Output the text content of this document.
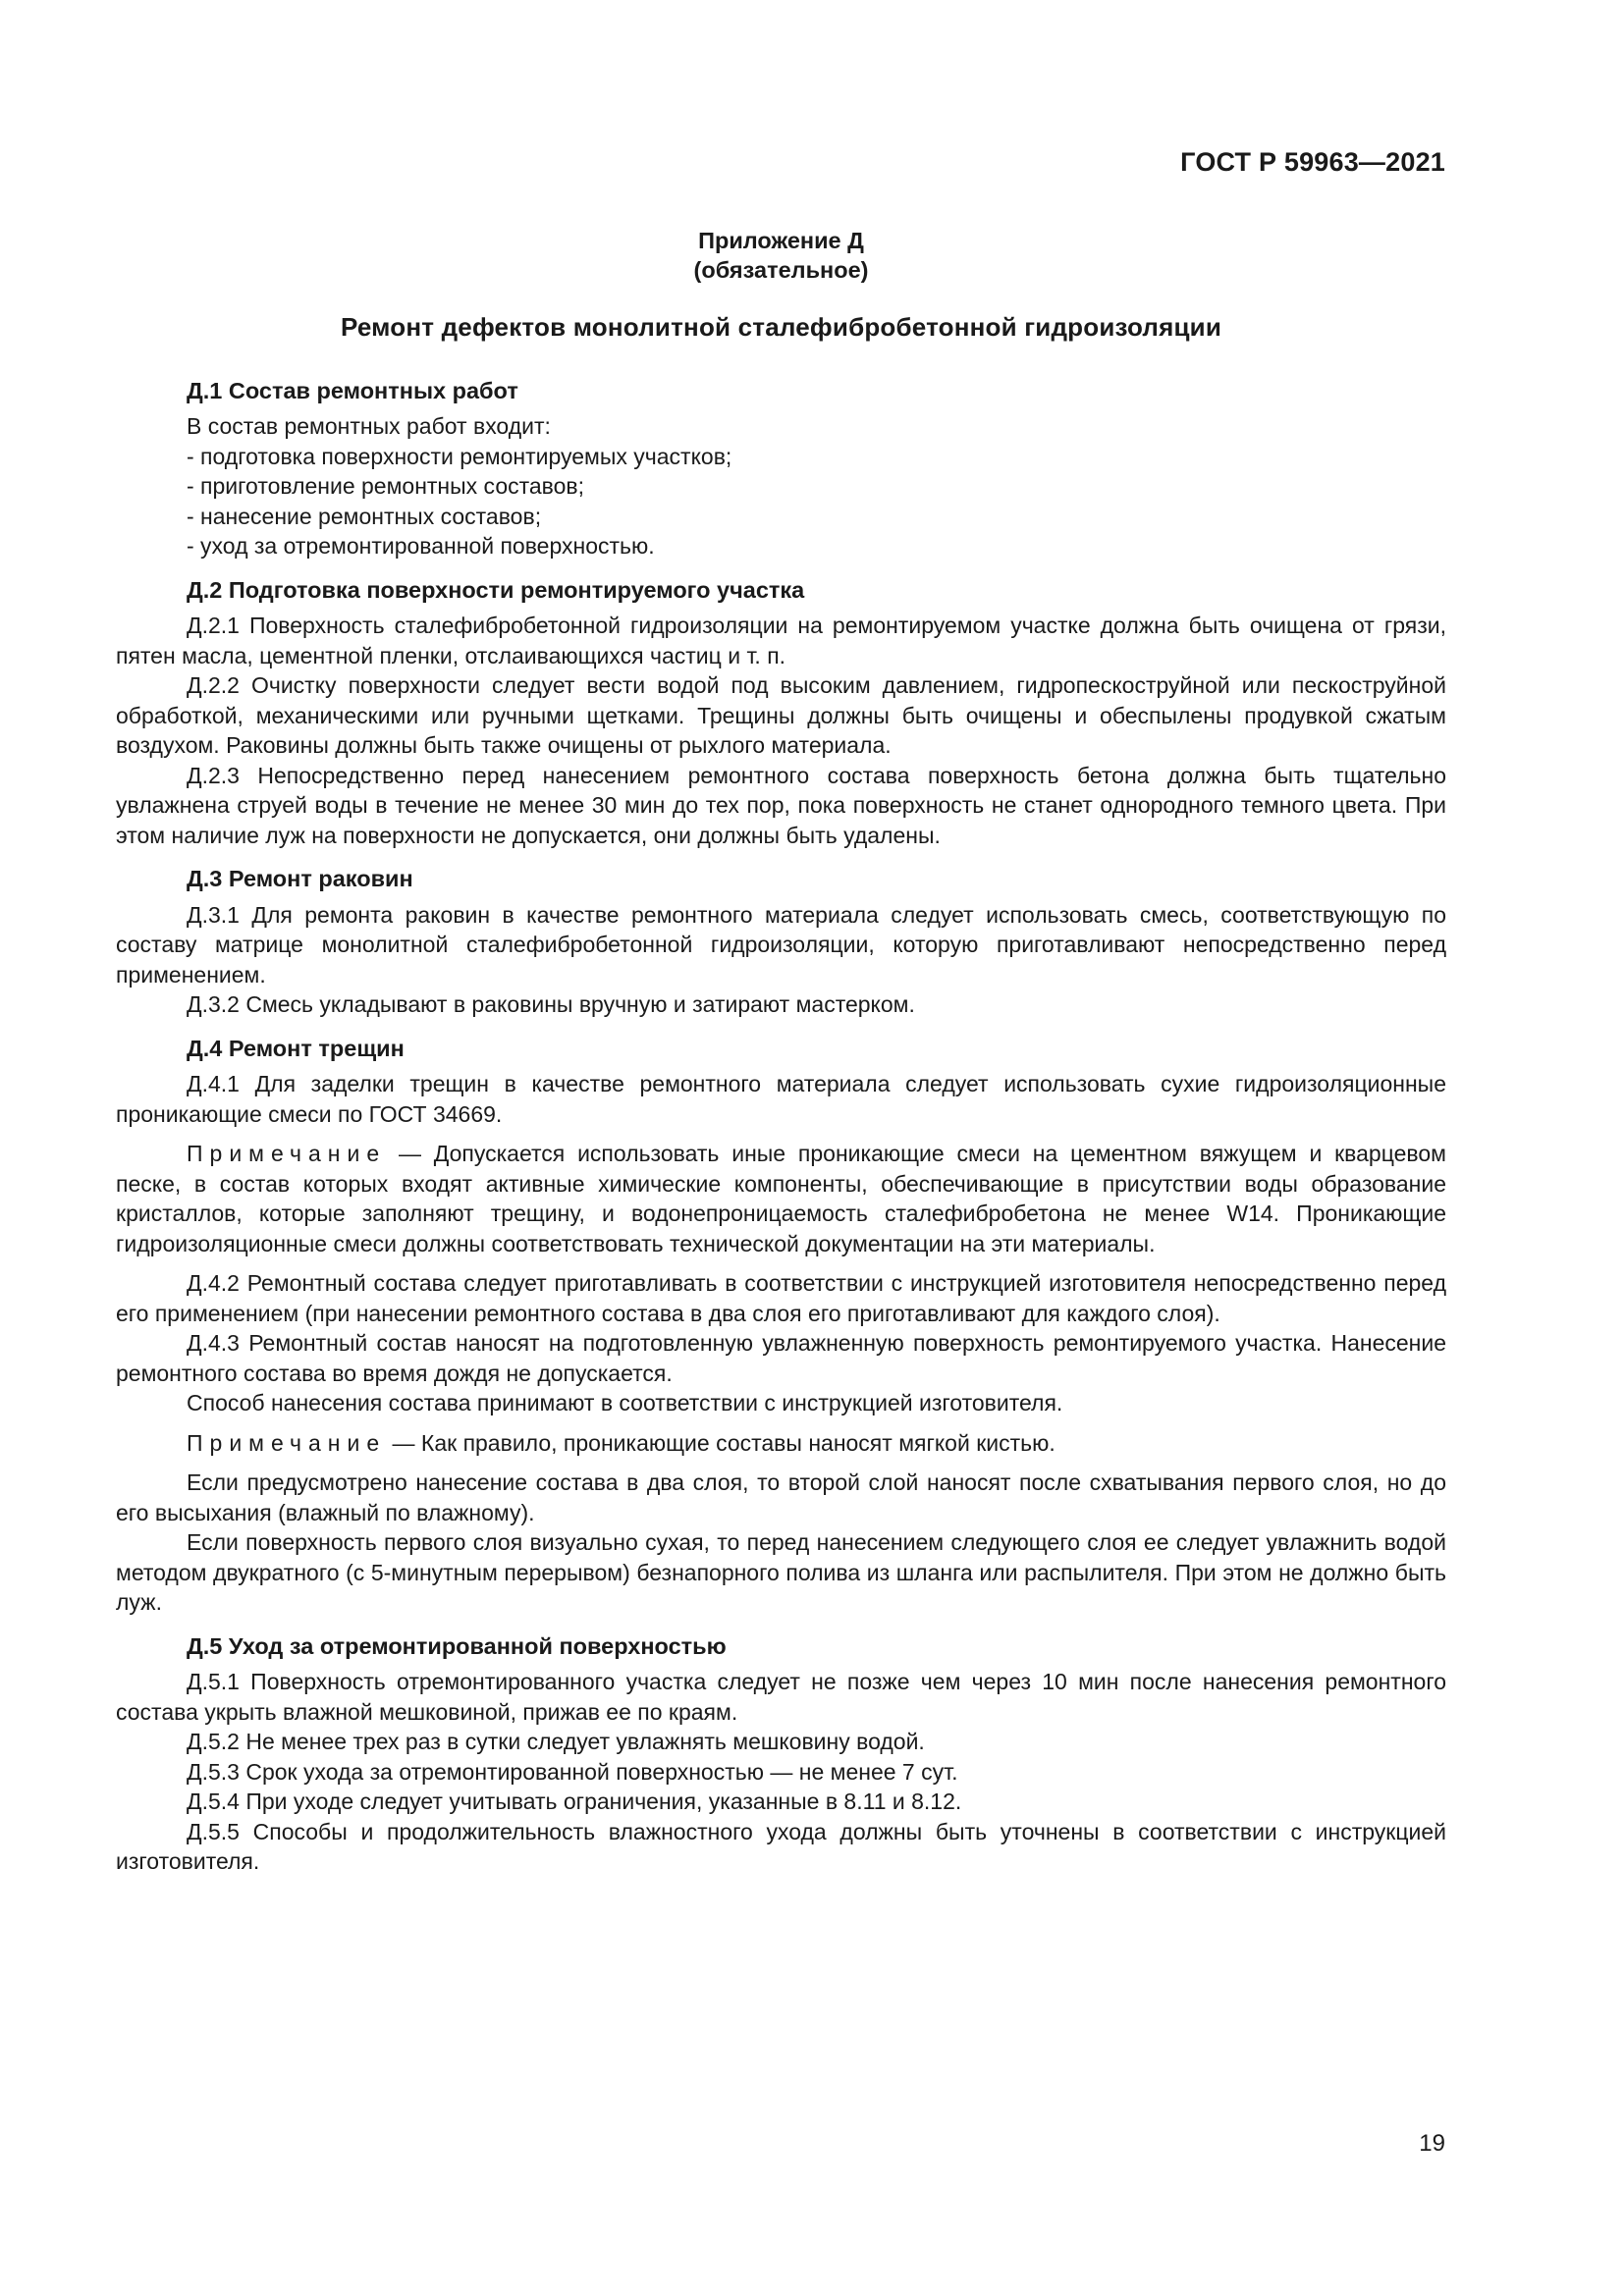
ГОСТ Р 59963—2021

Приложение Д

(обязательное)

Ремонт дефектов монолитной сталефибробетонной гидроизоляции
Д.1 Состав ремонтных работ

В состав ремонтных работ входит:

- подготовка поверхности ремонтируемых участков;

- приготовление ремонтных составов;

- нанесение ремонтных составов;

- уход за отремонтированной поверхностью.

Д.2 Подготовка поверхности ремонтируемого участка

Д.2.1 Поверхность сталефибробетонной гидроизоляции на ремонтируемом участке должна быть очищена от грязи, пятен масла, цементной пленки, отслаивающихся частиц и т. п.

Д.2.2 Очистку поверхности следует вести водой под высоким давлением, гидропескоструйной или пескоструйной обработкой, механическими или ручными щетками. Трещины должны быть очищены и обеспылены продувкой сжатым воздухом. Раковины должны быть также очищены от рыхлого материала.

Д.2.3 Непосредственно перед нанесением ремонтного состава поверхность бетона должна быть тщательно увлажнена струей воды в течение не менее 30 мин до тех пор, пока поверхность не станет однородного темного цвета. При этом наличие луж на поверхности не допускается, они должны быть удалены.

Д.3 Ремонт раковин

Д.3.1 Для ремонта раковин в качестве ремонтного материала следует использовать смесь, соответствующую по составу матрице монолитной сталефибробетонной гидроизоляции, которую приготавливают непосредственно перед применением.

Д.3.2 Смесь укладывают в раковины вручную и затирают мастерком.

Д.4 Ремонт трещин

Д.4.1 Для заделки трещин в качестве ремонтного материала следует использовать сухие гидроизоляционные проникающие смеси по ГОСТ 34669.

Примечание — Допускается использовать иные проникающие смеси на цементном вяжущем и кварцевом песке, в состав которых входят активные химические компоненты, обеспечивающие в присутствии воды образование кристаллов, которые заполняют трещину, и водонепроницаемость сталефибробетона не менее W14. Проникающие гидроизоляционные смеси должны соответствовать технической документации на эти материалы.

Д.4.2 Ремонтный состава следует приготавливать в соответствии с инструкцией изготовителя непосредственно перед его применением (при нанесении ремонтного состава в два слоя его приготавливают для каждого слоя).

Д.4.3 Ремонтный состав наносят на подготовленную увлажненную поверхность ремонтируемого участка. Нанесение ремонтного состава во время дождя не допускается.

Способ нанесения состава принимают в соответствии с инструкцией изготовителя.

Примечание — Как правило, проникающие составы наносят мягкой кистью.

Если предусмотрено нанесение состава в два слоя, то второй слой наносят после схватывания первого слоя, но до его высыхания (влажный по влажному).

Если поверхность первого слоя визуально сухая, то перед нанесением следующего слоя ее следует увлажнить водой методом двукратного (с 5-минутным перерывом) безнапорного полива из шланга или распылителя. При этом не должно быть луж.

Д.5 Уход за отремонтированной поверхностью

Д.5.1 Поверхность отремонтированного участка следует не позже чем через 10 мин после нанесения ремонтного состава укрыть влажной мешковиной, прижав ее по краям.

Д.5.2 Не менее трех раз в сутки следует увлажнять мешковину водой.

Д.5.3 Срок ухода за отремонтированной поверхностью — не менее 7 сут.

Д.5.4 При уходе следует учитывать ограничения, указанные в 8.11 и 8.12.

Д.5.5 Способы и продолжительность влажностного ухода должны быть уточнены в соответствии с инструкцией изготовителя.

19
